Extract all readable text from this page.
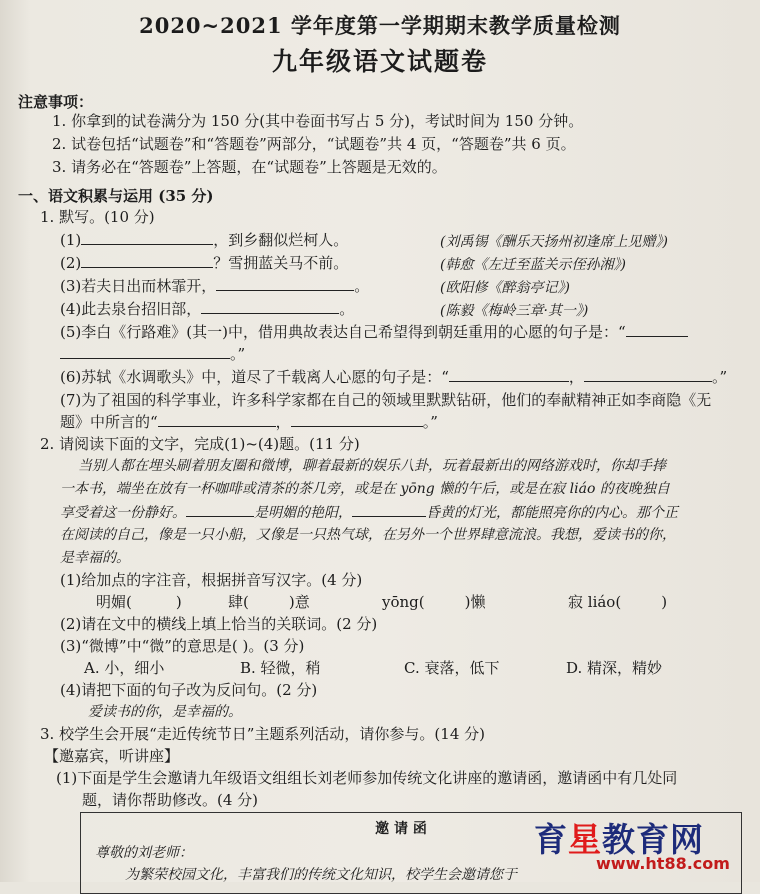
2020~2021 学年度第一学期期末教学质量检测
九年级语文试题卷
注意事项：
1. 你拿到的试卷满分为 150 分(其中卷面书写占 5 分)，考试时间为 150 分钟。
2. 试卷包括“试题卷”和“答题卷”两部分，“试题卷”共 4 页，“答题卷”共 6 页。
3. 请务必在“答题卷”上答题，在“试题卷”上答题是无效的。
一、语文积累与运用 (35 分)
1. 默写。(10 分)
(1)	，到乡翻似烂柯人。	(刘禹锡《酬乐天扬州初逢席上见赠》)
(2)	？雪拥蓝关马不前。	(韩愈《左迁至蓝关示侄孙湘》)
(3)若夫日出而林霏开，	。	(欧阳修《醉翁亭记》)
(4)此去泉台招旧部，	。	(陈毅《梅岭三章·其一》)
(5)李白《行路难》(其一)中，借用典故表达自己希望得到朝廷重用的心愿的句子是：“
。”
(6)苏轼《水调歌头》中，道尽了千载离人心愿的句子是：“	，	。”
(7)为了祖国的科学事业，许多科学家都在自己的领域里默默钻研，他们的奉献精神正如李商隐《无
题》中所言的“	，	。”
2. 请阅读下面的文字，完成(1)~(4)题。(11 分)
当别人都在埋头刷着朋友圈和微博，聊着最新的娱乐八卦，玩着最新出的网络游戏时，你却手捧
一本书，端坐在放有一杯咖啡或清茶的茶几旁，或是在 yōng 懒的午后，或是在寂 liáo 的夜晚独自
享受着这一份静好。	是明媚的艳阳，	昏黄的灯光，都能照亮你的内心。那个正
在阅读的自己，像是一只小船，又像是一只热气球，在另外一个世界肆意流浪。我想，爱读书的你，
是幸福的。
(1)给加点的字注音，根据拼音写汉字。(4 分)
明媚(	)	肆(	)意	yōng(	)懒	寂 liáo(	)
(2)请在文中的横线上填上恰当的关联词。(2 分)
(3)“微博”中“微”的意思是( )。(3 分)
A. 小，细小	B. 轻微，稍	C. 衰落，低下	D. 精深，精妙
(4)请把下面的句子改为反问句。(2 分)
爱读书的你，是幸福的。
3. 校学生会开展“走近传统节日”主题系列活动，请你参与。(14 分)
【邀嘉宾，听讲座】
(1)下面是学生会邀请九年级语文组组长刘老师参加传统文化讲座的邀请函，邀请函中有几处同
题，请你帮助修改。(4 分)
邀 请 函
尊敬的刘老师：
为繁荣校园文化，丰富我们的传统文化知识，校学生会邀请您于
育星教育网
www.ht88.com
